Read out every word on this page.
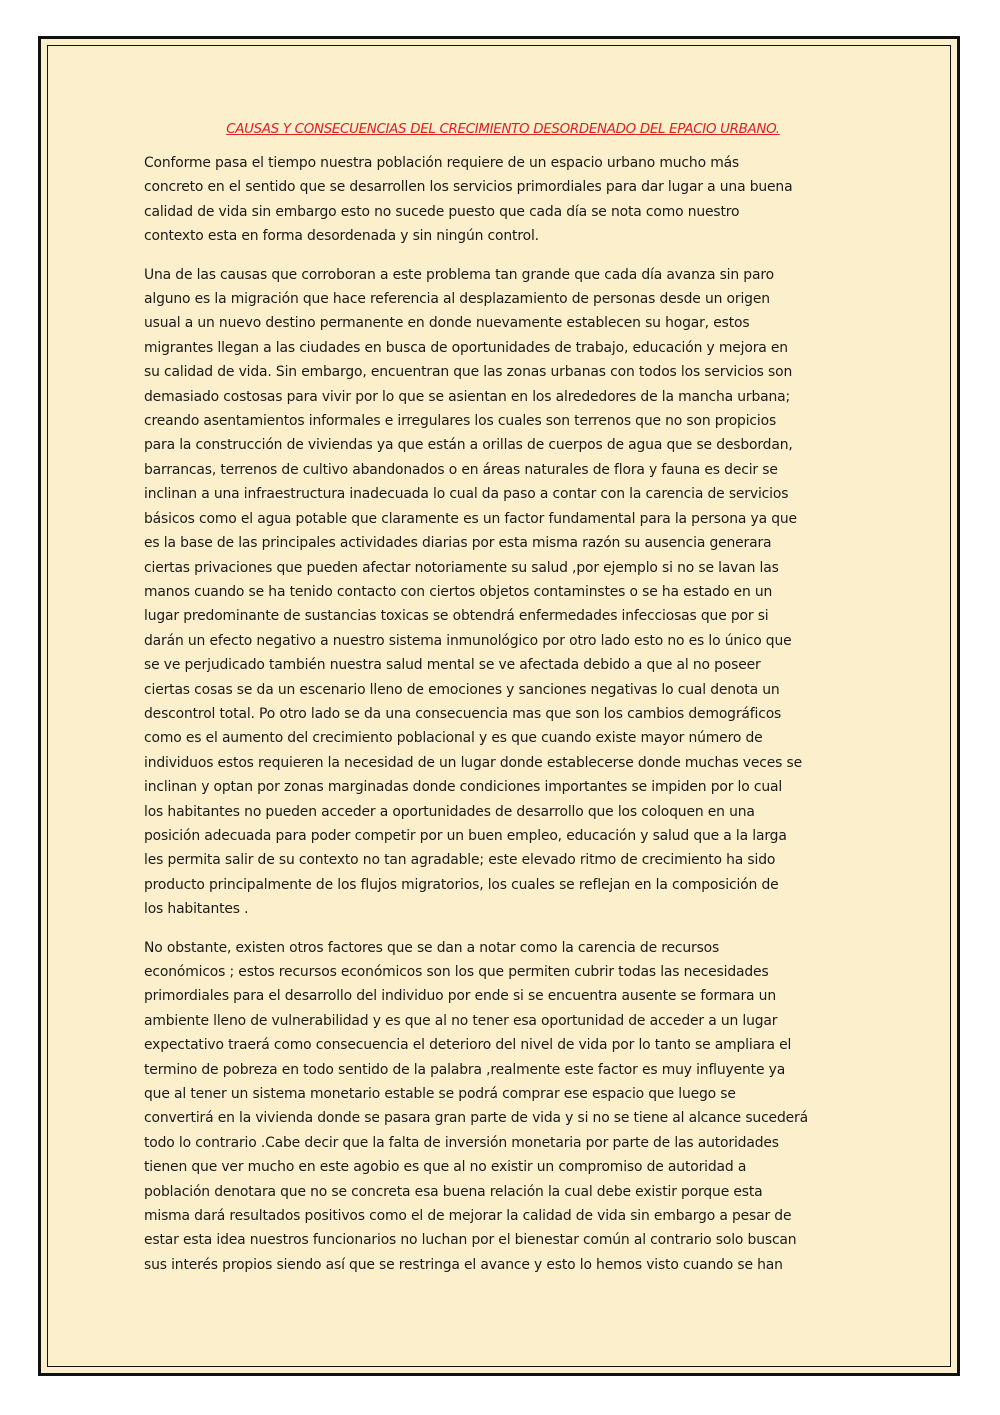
CAUSAS Y CONSECUENCIAS DEL CRECIMIENTO DESORDENADO DEL EPACIO URBANO.

Conforme pasa el tiempo nuestra población requiere de un espacio urbano mucho más
concreto en el sentido que se desarrollen los servicios primordiales para dar lugar a una buena
calidad de vida sin embargo esto no sucede puesto que cada día se nota como nuestro
contexto esta en forma desordenada y sin ningún control.

Una de las causas que corroboran a este problema tan grande que cada día avanza sin paro
alguno es la migración que hace referencia al desplazamiento de personas desde un origen
usual a un nuevo destino permanente en donde nuevamente establecen su hogar, estos
migrantes llegan a las ciudades en busca de oportunidades de trabajo, educación y mejora en
su calidad de vida. Sin embargo, encuentran que las zonas urbanas con todos los servicios son
demasiado costosas para vivir por lo que se asientan en los alrededores de la mancha urbana;
creando asentamientos informales e irregulares los cuales son terrenos que no son propicios
para la construcción de viviendas ya que están a orillas de cuerpos de agua que se desbordan,
barrancas, terrenos de cultivo abandonados o en áreas naturales de flora y fauna es decir se
inclinan a una infraestructura inadecuada lo cual da paso a contar con la carencia de servicios
básicos como el agua potable que claramente es un factor fundamental para la persona ya que
es la base de las principales actividades diarias por esta misma razón su ausencia generara
ciertas privaciones que pueden afectar notoriamente su salud ,por ejemplo si no se lavan las
manos cuando se ha tenido contacto con ciertos objetos contaminstes o se ha estado en un
lugar predominante de sustancias toxicas se obtendrá enfermedades infecciosas que por si
darán un efecto negativo a nuestro sistema inmunológico por otro lado esto no es lo único que
se ve perjudicado también nuestra salud mental se ve afectada debido a que al no poseer
ciertas cosas se da un escenario lleno de emociones y sanciones negativas lo cual denota un
descontrol total. Po otro lado se da una consecuencia mas que son los cambios demográficos
como es el aumento del crecimiento poblacional y es que cuando existe mayor número de
individuos estos requieren la necesidad de un lugar donde establecerse donde muchas veces se
inclinan y optan por zonas marginadas donde condiciones importantes se impiden por lo cual
los habitantes no pueden acceder a oportunidades de desarrollo que los coloquen en una
posición adecuada para poder competir por un buen empleo, educación y salud que a la larga
les permita salir de su contexto no tan agradable; este elevado ritmo de crecimiento ha sido
producto principalmente de los flujos migratorios, los cuales se reflejan en la composición de
los habitantes .

No obstante, existen otros factores que se dan a notar como la carencia de recursos
económicos ; estos recursos económicos son los que permiten cubrir todas las necesidades
primordiales para el desarrollo del individuo por ende si se encuentra ausente se formara un
ambiente lleno de vulnerabilidad y es que al no tener esa oportunidad de acceder a un lugar
expectativo traerá como consecuencia el deterioro del nivel de vida por lo tanto se ampliara el
termino de pobreza en todo sentido de la palabra ,realmente este factor es muy influyente ya
que al tener un sistema monetario estable se podrá comprar ese espacio que luego se
convertirá en la vivienda donde se pasara gran parte de vida y si no se tiene al alcance sucederá
todo lo contrario .Cabe decir que la falta de inversión monetaria por parte de las autoridades
tienen que ver mucho en este agobio es que al no existir un compromiso de autoridad a
población denotara que no se concreta esa buena relación la cual debe existir porque esta
misma dará resultados positivos como el de mejorar la calidad de vida sin embargo a pesar de
estar esta idea nuestros funcionarios no luchan por el bienestar común al contrario solo buscan
sus interés propios siendo así que se restringa el avance y esto lo hemos visto cuando se han
